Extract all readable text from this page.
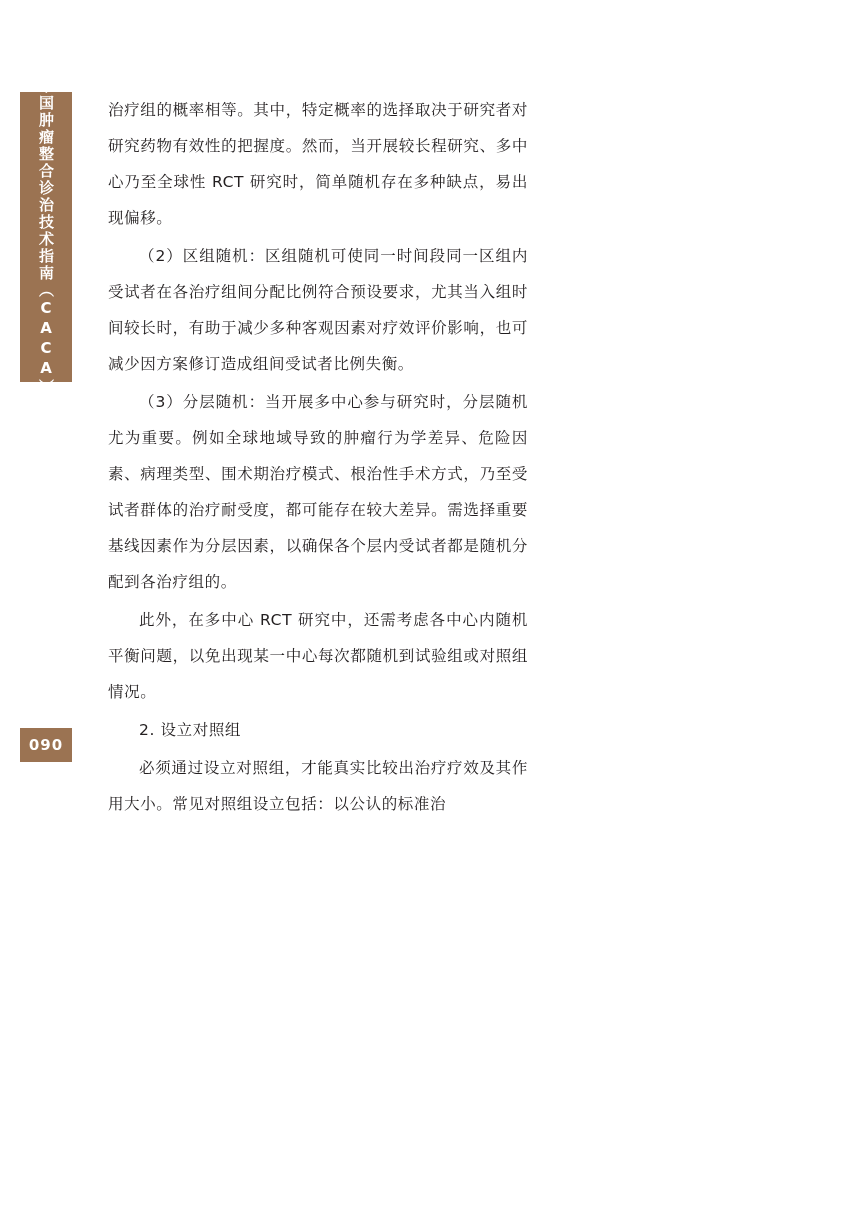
中国肿瘤整合诊治技术指南（CACA）
090

治疗组的概率相等。其中，特定概率的选择取决于研究者对研究药物有效性的把握度。然而，当开展较长程研究、多中心乃至全球性 RCT 研究时，简单随机存在多种缺点，易出现偏移。

（2）区组随机：区组随机可使同一时间段同一区组内受试者在各治疗组间分配比例符合预设要求，尤其当入组时间较长时，有助于减少多种客观因素对疗效评价影响，也可减少因方案修订造成组间受试者比例失衡。

（3）分层随机：当开展多中心参与研究时，分层随机尤为重要。例如全球地域导致的肿瘤行为学差异、危险因素、病理类型、围术期治疗模式、根治性手术方式，乃至受试者群体的治疗耐受度，都可能存在较大差异。需选择重要基线因素作为分层因素，以确保各个层内受试者都是随机分配到各治疗组的。

此外，在多中心 RCT 研究中，还需考虑各中心内随机平衡问题，以免出现某一中心每次都随机到试验组或对照组情况。

2. 设立对照组

必须通过设立对照组，才能真实比较出治疗疗效及其作用大小。常见对照组设立包括：以公认的标准治
